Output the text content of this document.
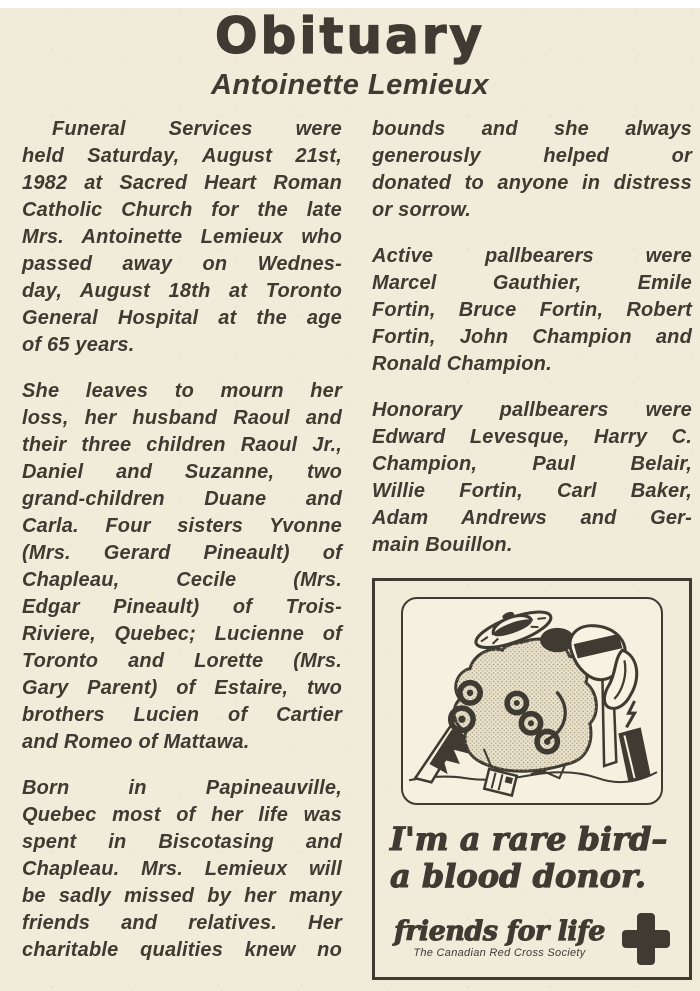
Obituary
Antoinette Lemieux
Funeral Services were
held Saturday, August 21st,
1982 at Sacred Heart Roman
Catholic Church for the late
Mrs. Antoinette Lemieux who
passed away on Wednes-
day, August 18th at Toronto
General Hospital at the age
of 65 years.
She leaves to mourn her
loss, her husband Raoul and
their three children Raoul Jr.,
Daniel and Suzanne, two
grand-children Duane and
Carla. Four sisters Yvonne
(Mrs. Gerard Pineault) of
Chapleau, Cecile (Mrs.
Edgar Pineault) of Trois-
Riviere, Quebec; Lucienne of
Toronto and Lorette (Mrs.
Gary Parent) of Estaire, two
brothers Lucien of Cartier
and Romeo of Mattawa.
Born in Papineauville,
Quebec most of her life was
spent in Biscotasing and
Chapleau. Mrs. Lemieux will
be sadly missed by her many
friends and relatives. Her
charitable qualities knew no
bounds and she always
generously helped or
donated to anyone in distress
or sorrow.
Active pallbearers were
Marcel Gauthier, Emile
Fortin, Bruce Fortin, Robert
Fortin, John Champion and
Ronald Champion.
Honorary pallbearers were
Edward Levesque, Harry C.
Champion, Paul Belair,
Willie Fortin, Carl Baker,
Adam Andrews and Ger-
main Bouillon.
I'm a rare bird–
a blood donor.
friends for life
The Canadian Red Cross Society
